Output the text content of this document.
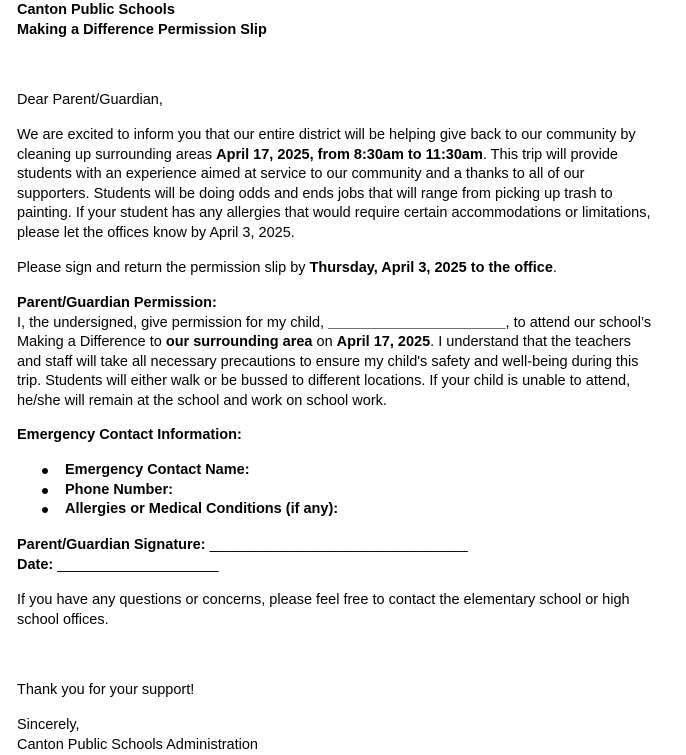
Canton Public Schools
Making a Difference Permission Slip

Dear Parent/Guardian,

We are excited to inform you that our entire district will be helping give back to our community by cleaning up surrounding areas April 17, 2025, from 8:30am to 11:30am. This trip will provide students with an experience aimed at service to our community and a thanks to all of our supporters. Students will be doing odds and ends jobs that will range from picking up trash to painting. If your student has any allergies that would require certain accommodations or limitations, please let the offices know by April 3, 2025.

Please sign and return the permission slip by Thursday, April 3, 2025 to the office.

Parent/Guardian Permission:
I, the undersigned, give permission for my child, ______________________, to attend our school’s Making a Difference to our surrounding area on April 17, 2025. I understand that the teachers and staff will take all necessary precautions to ensure my child's safety and well-being during this trip. Students will either walk or be bussed to different locations. If your child is unable to attend, he/she will remain at the school and work on school work.

Emergency Contact Information:

Emergency Contact Name:
Phone Number:
Allergies or Medical Conditions (if any):
Parent/Guardian Signature: ________________________________
Date: ____________________

If you have any questions or concerns, please feel free to contact the elementary school or high school offices.

Thank you for your support!

Sincerely,
Canton Public Schools Administration
